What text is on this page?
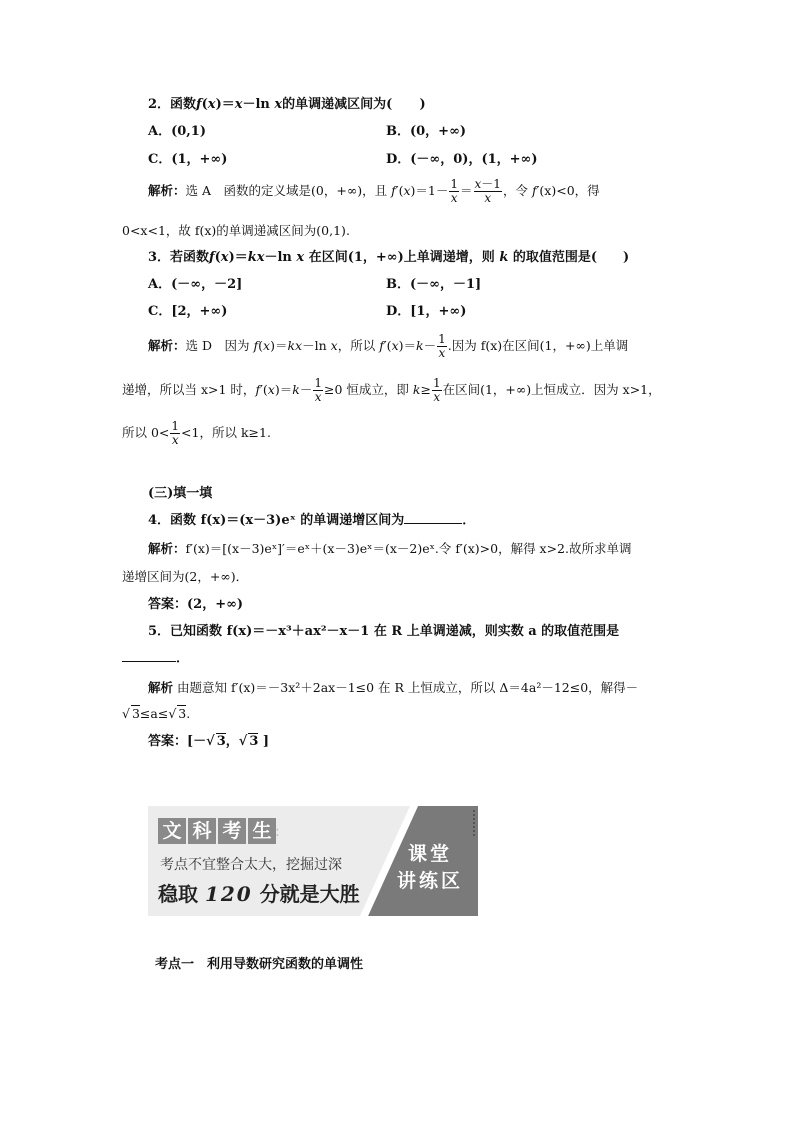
2．函数f(x)＝x－ln x的单调递减区间为( )
A．(0,1)	B．(0，+∞)
C．(1，+∞)	D．(－∞，0)，(1，+∞)
解析：选 A　函数的定义域是(0，+∞)，且 $f'(x)=1- \frac{1}{x} = \frac{x-1}{x}$ ，令 f′(x)<0，得
0<x<1，故 f(x)的单调递减区间为(0,1).
3．若函数f(x)＝kx－ln x 在区间(1，+∞)上单调递增，则 k 的取值范围是(　　)
A．(－∞，－2]	B．(－∞，－1]
C．[2，+∞)	D．[1，+∞)
解析：选 D　因为 f(x)＝kx－ln x，所以 $f'(x)=k- \frac{1}{x}$ .因为 f(x)在区间(1，+∞)上单调
递增，所以当 x>1 时，$f'(x)=k- \frac{1}{x} \ge 0$ 恒成立，即 $k\ge \frac{1}{x}$ 在区间(1，+∞)上恒成立．因为 x>1，
所以 $0< \frac{1}{x} <1$，所以 k≥1.
(三)填一填
4．函数 f(x)＝(x－3)eˣ 的单调递增区间为	．
解析：f′(x)＝[(x－3)eˣ]′＝eˣ＋(x－3)eˣ＝(x－2)eˣ.令 f′(x)>0，解得 x>2.故所求单调
递增区间为(2，+∞)．
答案：(2，+∞)
5．已知函数 f(x)＝－x³＋ax²－x－1 在 R 上单调递减，则实数 a 的取值范围是
．
解析 由题意知 f′(x)＝－3x²＋2ax－1≤0 在 R 上恒成立，所以 Δ＝4a²－12≤0，解得－
√ 3≤a≤√ 3.
答案：[－√ 3，√ 3 ]
文 科 考 生 :
考点不宜整合太大，挖掘过深
稳取 120 分就是大胜
课堂
讲练区
考点一　利用导数研究函数的单调性
